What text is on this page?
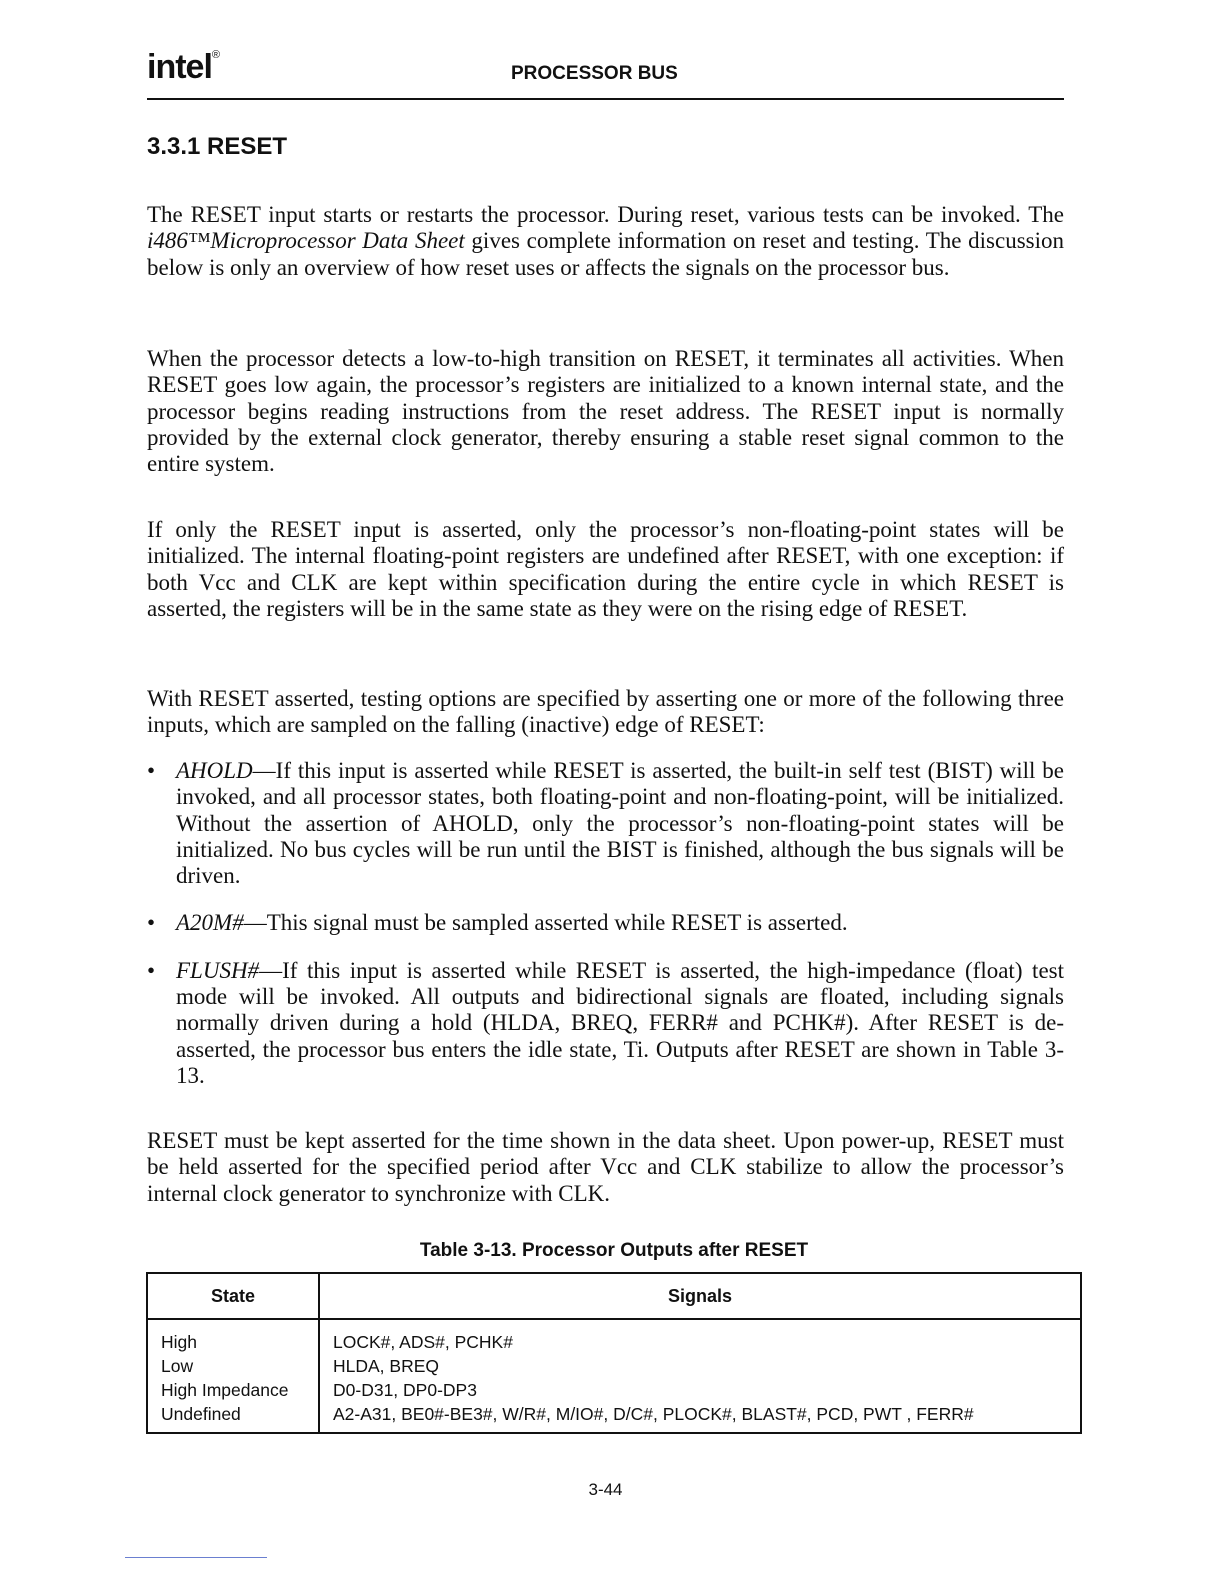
intel®
PROCESSOR BUS
3.3.1 RESET

The RESET input starts or restarts the processor. During reset, various tests can be invoked. The i486™Microprocessor Data Sheet gives complete information on reset and testing. The discussion below is only an overview of how reset uses or affects the signals on the processor bus.

When the processor detects a low-to-high transition on RESET, it terminates all activities. When RESET goes low again, the processor’s registers are initialized to a known internal state, and the processor begins reading instructions from the reset address. The RESET input is normally provided by the external clock generator, thereby ensuring a stable reset signal common to the entire system.

If only the RESET input is asserted, only the processor’s non-floating-point states will be initialized. The internal floating-point registers are undefined after RESET, with one exception: if both Vcc and CLK are kept within specification during the entire cycle in which RESET is asserted, the registers will be in the same state as they were on the rising edge of RESET.

With RESET asserted, testing options are specified by asserting one or more of the following three inputs, which are sampled on the falling (inactive) edge of RESET:

• AHOLD—If this input is asserted while RESET is asserted, the built-in self test (BIST) will be invoked, and all processor states, both floating-point and non-floating-point, will be initialized. Without the assertion of AHOLD, only the processor’s non-floating-point states will be initialized. No bus cycles will be run until the BIST is finished, although the bus signals will be driven.
• A20M#—This signal must be sampled asserted while RESET is asserted.
• FLUSH#—If this input is asserted while RESET is asserted, the high-impedance (float) test mode will be invoked. All outputs and bidirectional signals are floated, including signals normally driven during a hold (HLDA, BREQ, FERR# and PCHK#). After RESET is de-asserted, the processor bus enters the idle state, Ti. Outputs after RESET are shown in Table 3-13.

RESET must be kept asserted for the time shown in the data sheet. Upon power-up, RESET must be held asserted for the specified period after Vcc and CLK stabilize to allow the processor’s internal clock generator to synchronize with CLK.

Table 3-13. Processor Outputs after RESET
State	Signals
High	LOCK#, ADS#, PCHK#
Low	HLDA, BREQ
High Impedance	D0-D31, DP0-DP3
Undefined	A2-A31, BE0#-BE3#, W/R#, M/IO#, D/C#, PLOCK#, BLAST#, PCD, PWT , FERR#
3-44
